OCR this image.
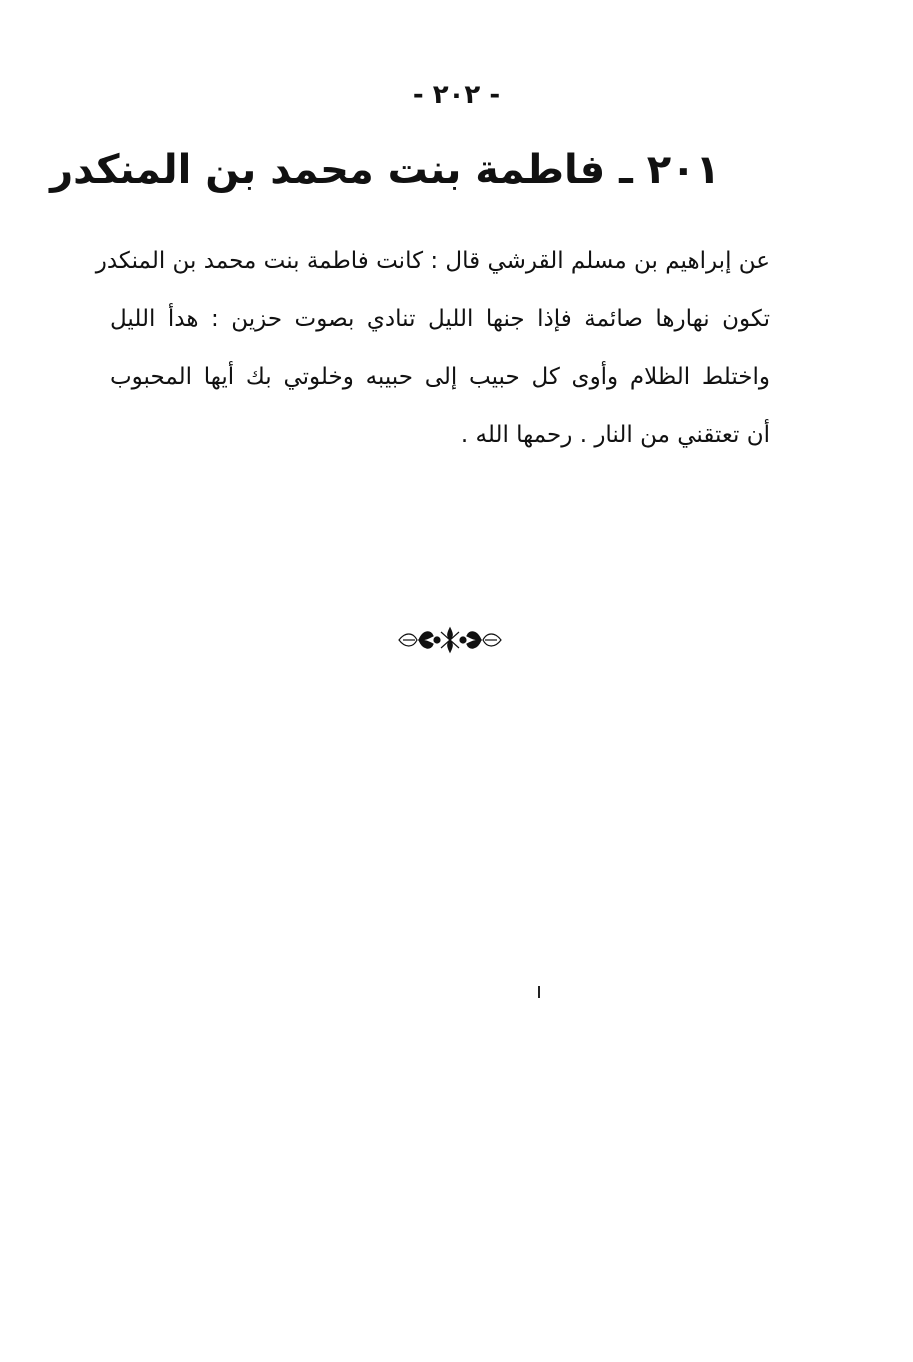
- ٢٠٢ -
٢٠١ ـ فاطمة بنت محمد بن المنكدر
عن إبراهيم بن مسلم القرشي قال : كانت فاطمة بنت محمد بن المنكدر
تكون نهارها صائمة فإذا جنها الليل تنادي بصوت حزين : هدأ الليل
واختلط الظلام وأوى كل حبيب إلى حبيبه وخلوتي بك أيها المحبوب
أن تعتقني من النار . رحمها الله .
